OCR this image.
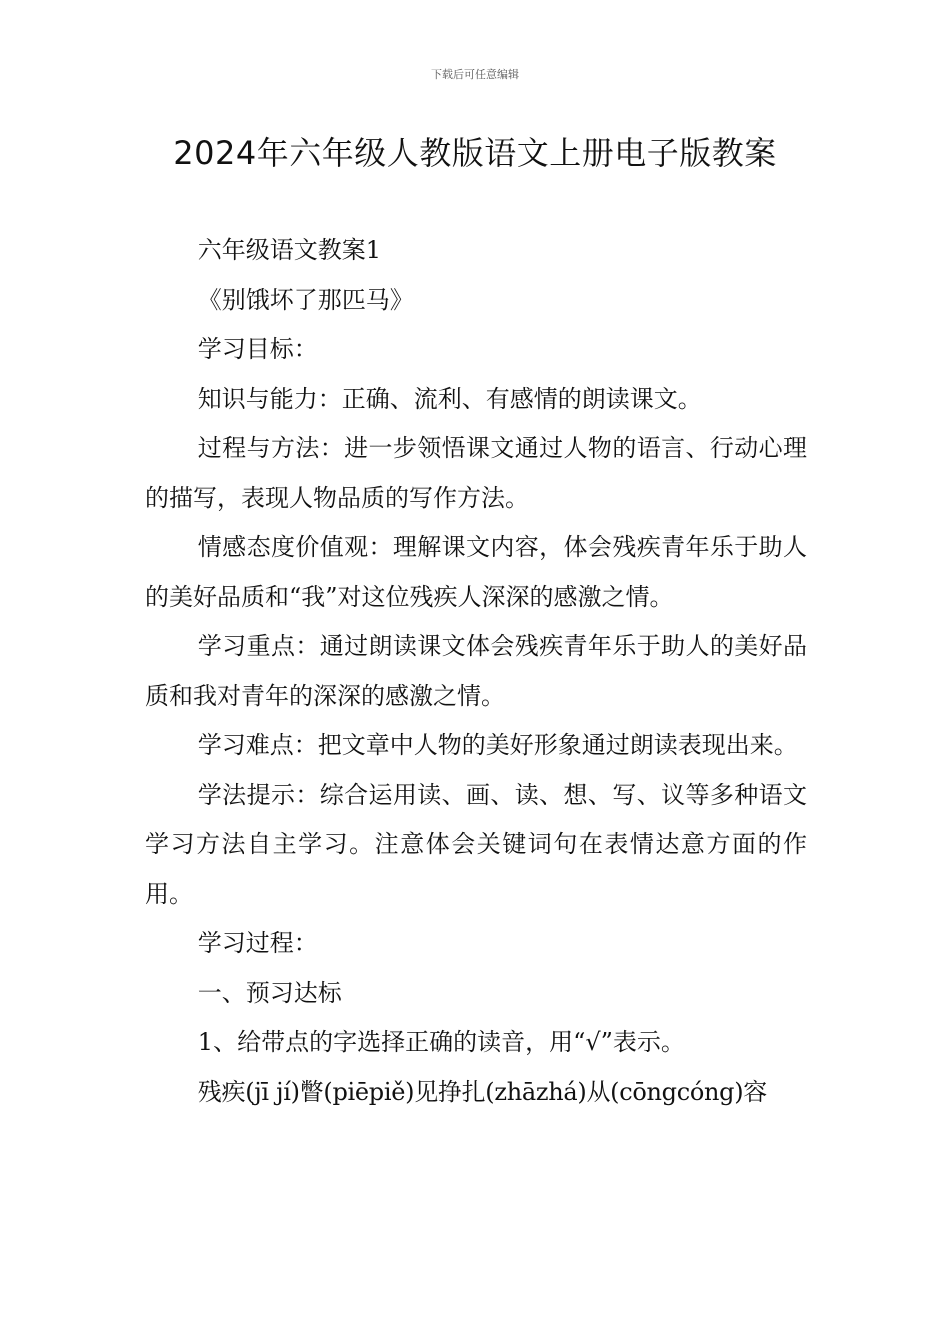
下载后可任意编辑
2024年六年级人教版语文上册电子版教案

六年级语文教案1

《别饿坏了那匹马》

学习目标：

知识与能力：正确、流利、有感情的朗读课文。

过程与方法：进一步领悟课文通过人物的语言、行动心理的描写，表现人物品质的写作方法。

情感态度价值观：理解课文内容，体会残疾青年乐于助人的美好品质和“我”对这位残疾人深深的感激之情。

学习重点：通过朗读课文体会残疾青年乐于助人的美好品质和我对青年的深深的感激之情。

学习难点：把文章中人物的美好形象通过朗读表现出来。

学法提示：综合运用读、画、读、想、写、议等多种语文学习方法自主学习。注意体会关键词句在表情达意方面的作用。

学习过程：

一、预习达标

1、给带点的字选择正确的读音，用“√”表示。

残疾(jī jí)瞥(piēpiě)见挣扎(zhāzhá)从(cōngcóng)容
